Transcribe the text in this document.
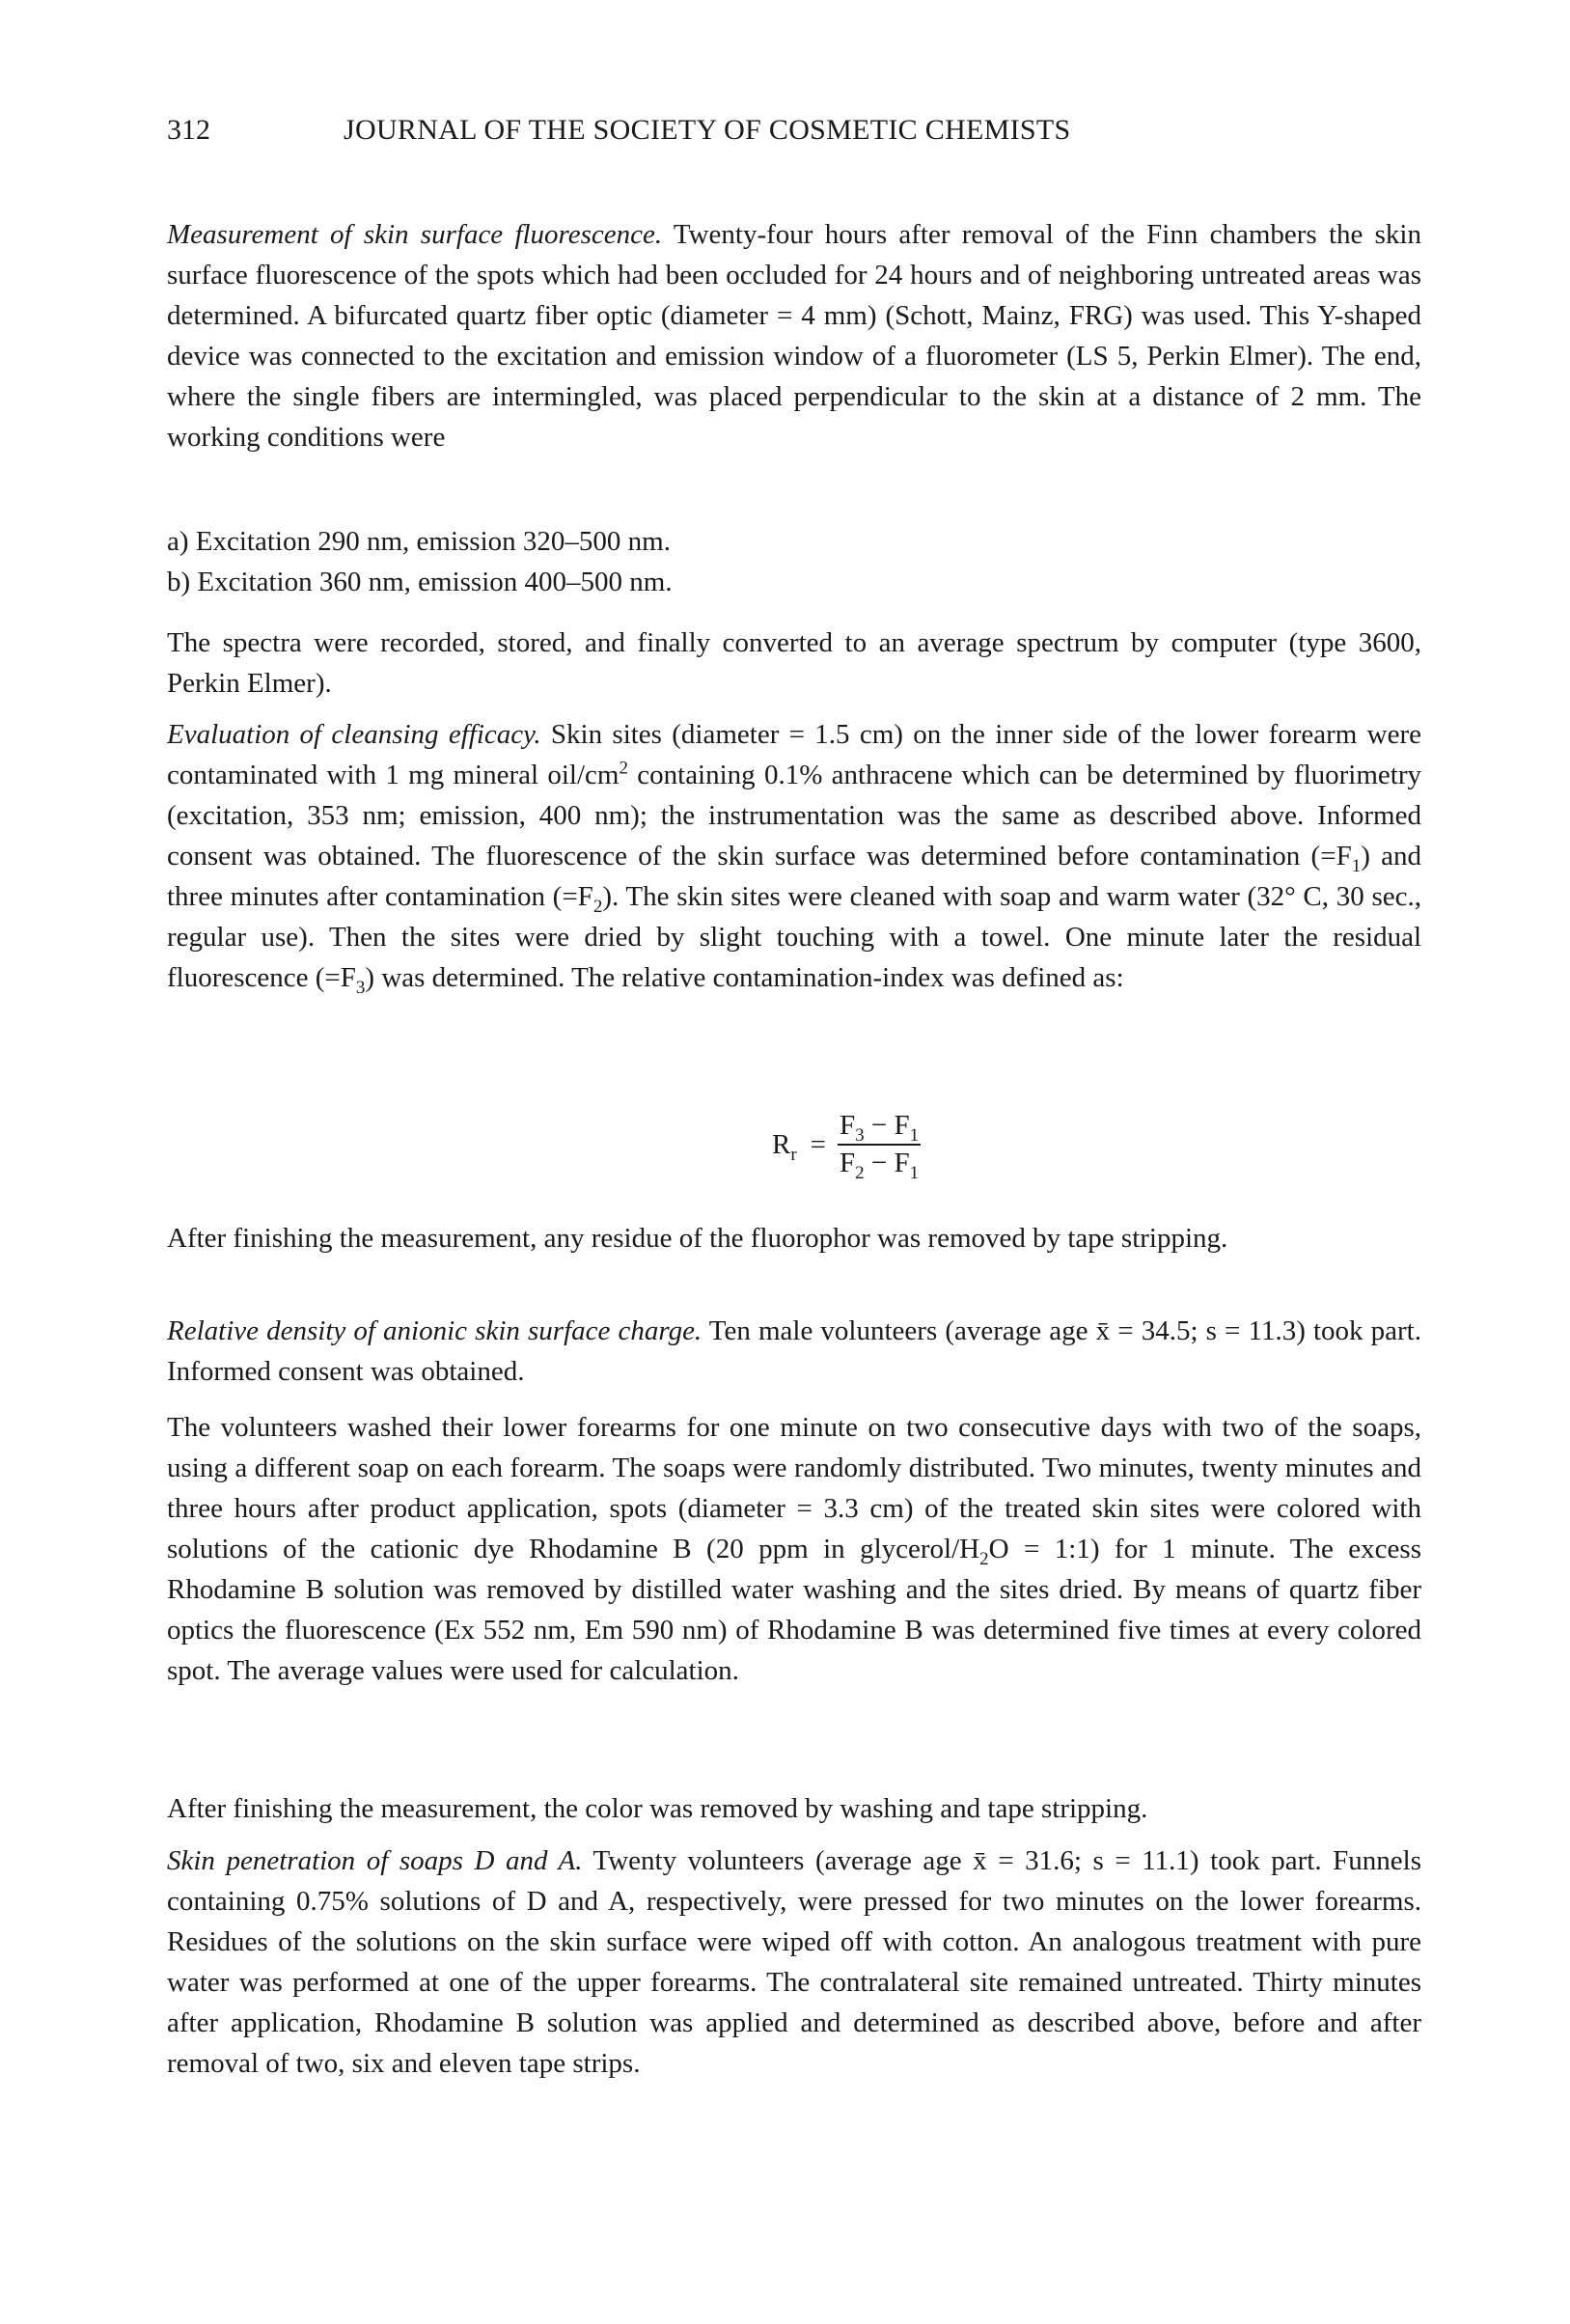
312	JOURNAL OF THE SOCIETY OF COSMETIC CHEMISTS

Measurement of skin surface fluorescence. Twenty-four hours after removal of the Finn chambers the skin surface fluorescence of the spots which had been occluded for 24 hours and of neighboring untreated areas was determined. A bifurcated quartz fiber optic (diameter = 4 mm) (Schott, Mainz, FRG) was used. This Y-shaped device was connected to the excitation and emission window of a fluorometer (LS 5, Perkin Elmer). The end, where the single fibers are intermingled, was placed perpendicular to the skin at a distance of 2 mm. The working conditions were

a) Excitation 290 nm, emission 320–500 nm.
b) Excitation 360 nm, emission 400–500 nm.

The spectra were recorded, stored, and finally converted to an average spectrum by computer (type 3600, Perkin Elmer).

Evaluation of cleansing efficacy. Skin sites (diameter = 1.5 cm) on the inner side of the lower forearm were contaminated with 1 mg mineral oil/$cm^2$ containing 0.1% anthracene which can be determined by fluorimetry (excitation, 353 nm; emission, 400 nm); the instrumentation was the same as described above. Informed consent was obtained. The fluorescence of the skin surface was determined before contamination $(=F_1)$ and three minutes after contamination $(=F_2)$. The skin sites were cleaned with soap and warm water (32° C, 30 sec., regular use). Then the sites were dried by slight touching with a towel. One minute later the residual fluorescence $(=F_3)$ was determined. The relative contamination-index was defined as:

$R_r = \frac{F_3 - F_1}{F_2 - F_1}$

After finishing the measurement, any residue of the fluorophor was removed by tape stripping.

Relative density of anionic skin surface charge. Ten male volunteers (average age x̄ = 34.5; s = 11.3) took part. Informed consent was obtained.

The volunteers washed their lower forearms for one minute on two consecutive days with two of the soaps, using a different soap on each forearm. The soaps were randomly distributed. Two minutes, twenty minutes and three hours after product application, spots (diameter = 3.3 cm) of the treated skin sites were colored with solutions of the cationic dye Rhodamine B (20 ppm in glycerol/$H_2O$ = 1:1) for 1 minute. The excess Rhodamine B solution was removed by distilled water washing and the sites dried. By means of quartz fiber optics the fluorescence (Ex 552 nm, Em 590 nm) of Rhodamine B was determined five times at every colored spot. The average values were used for calculation.

After finishing the measurement, the color was removed by washing and tape stripping.

Skin penetration of soaps D and A. Twenty volunteers (average age x̄ = 31.6; s = 11.1) took part. Funnels containing 0.75% solutions of D and A, respectively, were pressed for two minutes on the lower forearms. Residues of the solutions on the skin surface were wiped off with cotton. An analogous treatment with pure water was performed at one of the upper forearms. The contralateral site remained untreated. Thirty minutes after application, Rhodamine B solution was applied and determined as described above, before and after removal of two, six and eleven tape strips.
